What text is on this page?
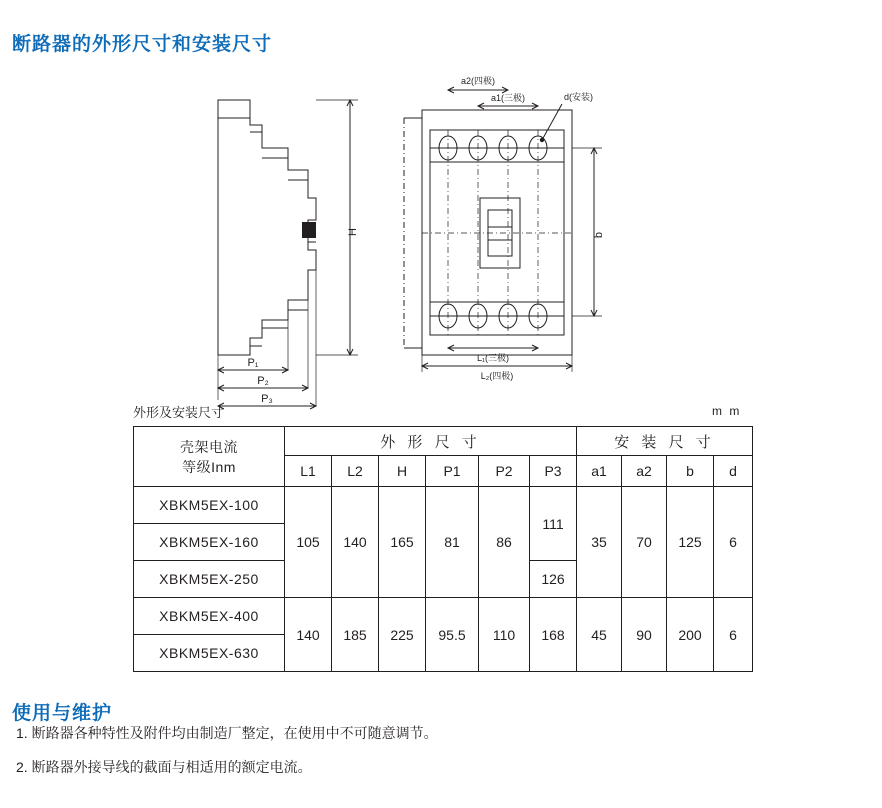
断路器的外形尺寸和安装尺寸
H
P₁
P₂
P₃
a2(四极)
a1(三极)	d(安装)
b
L₁(三极)
L₂(四极)
外形及安装尺寸	m m
壳架电流
等级Inm	外 形 尺 寸						安 装 尺 寸			
	L1	L2	H	P1	P2	P3	a1	a2	b	d
XBKM5EX-100	105	140	165	81	86	111	35	70	125	6
XBKM5EX-160										
XBKM5EX-250						126				
XBKM5EX-400	140	185	225	95.5	110	168	45	90	200	6
XBKM5EX-630										
使用与维护
1. 断路器各种特性及附件均由制造厂整定，在使用中不可随意调节。
2. 断路器外接导线的截面与相适用的额定电流。
